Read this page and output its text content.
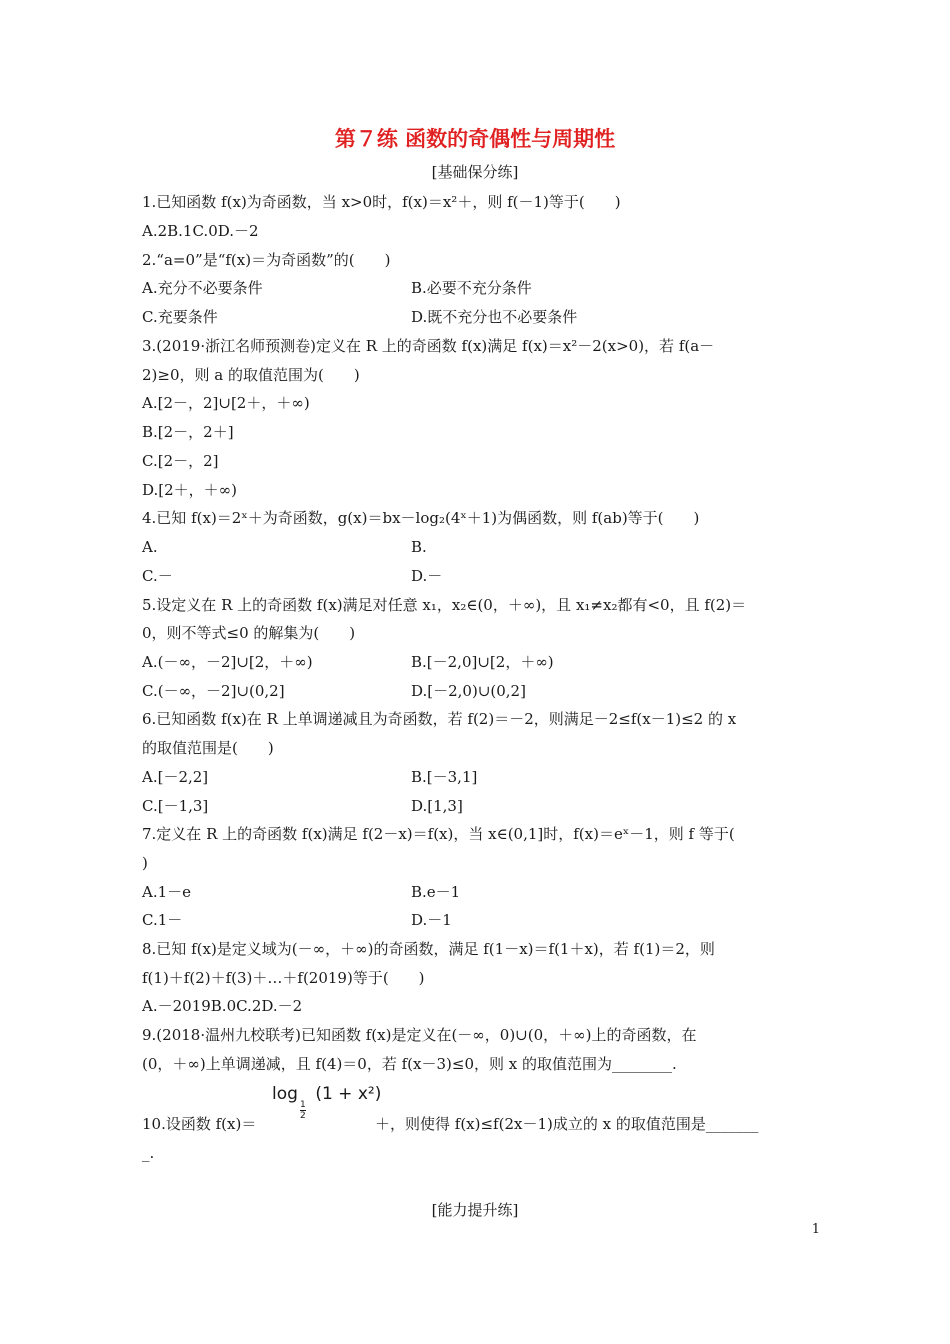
第７练 函数的奇偶性与周期性
[基础保分练]
1.已知函数 f(x)为奇函数，当 x>0时，f(x)＝x²＋，则 f(－1)等于(　　)
A.2B.1C.0D.－2
2.“a=0”是“f(x)＝为奇函数”的(　　)
A.充分不必要条件	B.必要不充分条件
C.充要条件	D.既不充分也不必要条件
3.(2019·浙江名师预测卷)定义在 R 上的奇函数 f(x)满足 f(x)＝x²－2(x>0)，若 f(a－
2)≥0，则 a 的取值范围为(　　)
A.[2－，2]∪[2＋，＋∞)
B.[2－，2＋]
C.[2－，2]
D.[2＋，＋∞)
4.已知 f(x)＝2ˣ＋为奇函数，g(x)＝bx－log₂(4ˣ＋1)为偶函数，则 f(ab)等于(　　)
A.	B.
C.－	D.－
5.设定义在 R 上的奇函数 f(x)满足对任意 x₁，x₂∈(0，＋∞)，且 x₁≠x₂都有<0，且 f(2)＝
0，则不等式≤0 的解集为(　　)
A.(－∞，－2]∪[2，＋∞)	B.[－2,0]∪[2，＋∞)
C.(－∞，－2]∪(0,2]	D.[－2,0)∪(0,2]
6.已知函数 f(x)在 R 上单调递减且为奇函数，若 f(2)＝－2，则满足－2≤f(x－1)≤2 的 x
的取值范围是(　　)
A.[－2,2]	B.[－3,1]
C.[－1,3]	D.[1,3]
7.定义在 R 上的奇函数 f(x)满足 f(2－x)＝f(x)，当 x∈(0,1]时，f(x)＝eˣ－1，则 f 等于(
)
A.1－e	B.e－1
C.1－	D.－1
8.已知 f(x)是定义域为(－∞，＋∞)的奇函数，满足 f(1－x)＝f(1＋x)，若 f(1)＝2，则
f(1)＋f(2)＋f(3)＋…＋f(2019)等于(　　)
A.－2019B.0C.2D.－2
9.(2018·温州九校联考)已知函数 f(x)是定义在(－∞，0)∪(0，＋∞)上的奇函数，在
(0，＋∞)上单调递减，且 f(4)＝0，若 f(x－3)≤0，则 x 的取值范围为________.
10.设函数 f(x)＝
log
$\frac{1}{2}$
(1 + x²)
＋，则使得 f(x)≤f(2x－1)成立的 x 的取值范围是_______
_.
[能力提升练]
1
